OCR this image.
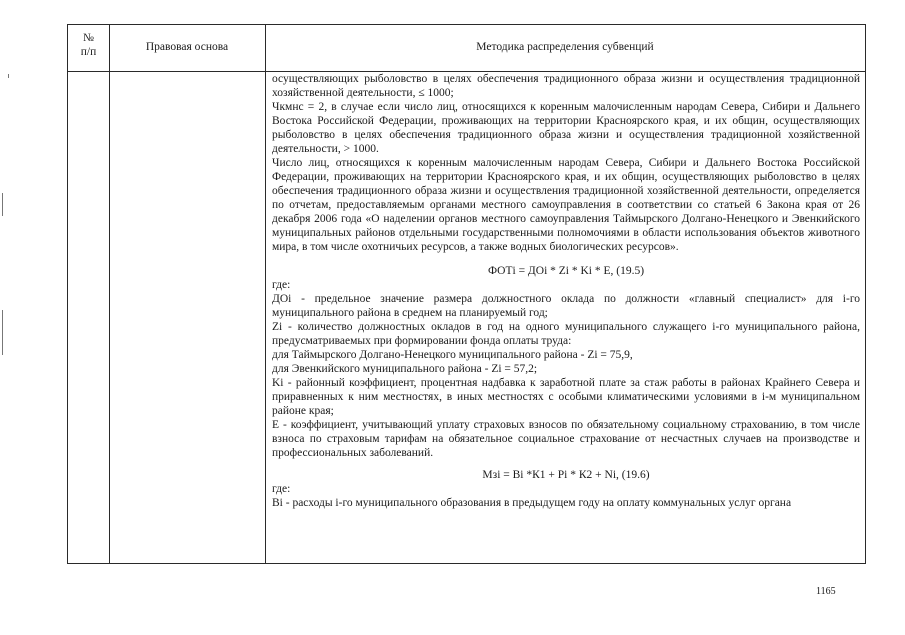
№
п/п	Правовая основа	Методика распределения субвенций

осуществляющих рыболовство в целях обеспечения традиционного образа жизни и осуществления традиционной хозяйственной деятельности, ≤ 1000;

Чкмнс = 2, в случае если число лиц, относящихся к коренным малочисленным народам Севера, Сибири и Дальнего Востока Российской Федерации, проживающих на территории Красноярского края, и их общин, осуществляющих рыболовство в целях обеспечения традиционного образа жизни и осуществления традиционной хозяйственной деятельности, > 1000.

Число лиц, относящихся к коренным малочисленным народам Севера, Сибири и Дальнего Востока Российской Федерации, проживающих на территории Красноярского края, и их общин, осуществляющих рыболовство в целях обеспечения традиционного образа жизни и осуществления традиционной хозяйственной деятельности, определяется по отчетам, предоставляемым органами местного самоуправления в соответствии со статьей 6 Закона края от 26 декабря 2006 года «О наделении органов местного самоуправления Таймырского Долгано-Ненецкого и Эвенкийского муниципальных районов отдельными государственными полномочиями в области использования объектов животного мира, в том числе охотничьих ресурсов, а также водных биологических ресурсов».

ФОТi = ДОi * Zi * Ki * E, (19.5)

где:

ДОi - предельное значение размера должностного оклада по должности «главный специалист» для i-го муниципального района в среднем на планируемый год;

Zi - количество должностных окладов в год на одного муниципального служащего i-го муниципального района, предусматриваемых при формировании фонда оплаты труда:

для Таймырского Долгано-Ненецкого муниципального района - Zi = 75,9,

для Эвенкийского муниципального района - Zi = 57,2;

Ki - районный коэффициент, процентная надбавка к заработной плате за стаж работы в районах Крайнего Севера и приравненных к ним местностях, в иных местностях с особыми климатическими условиями в i-м муниципальном районе края;

E - коэффициент, учитывающий уплату страховых взносов по обязательному социальному страхованию, в том числе взноса по страховым тарифам на обязательное социальное страхование от несчастных случаев на производстве и профессиональных заболеваний.

Мзi = Вi *К1 + Рi * К2 + Ni, (19.6)

где:

Вi - расходы i-го муниципального образования в предыдущем году на оплату коммунальных услуг органа

1165
